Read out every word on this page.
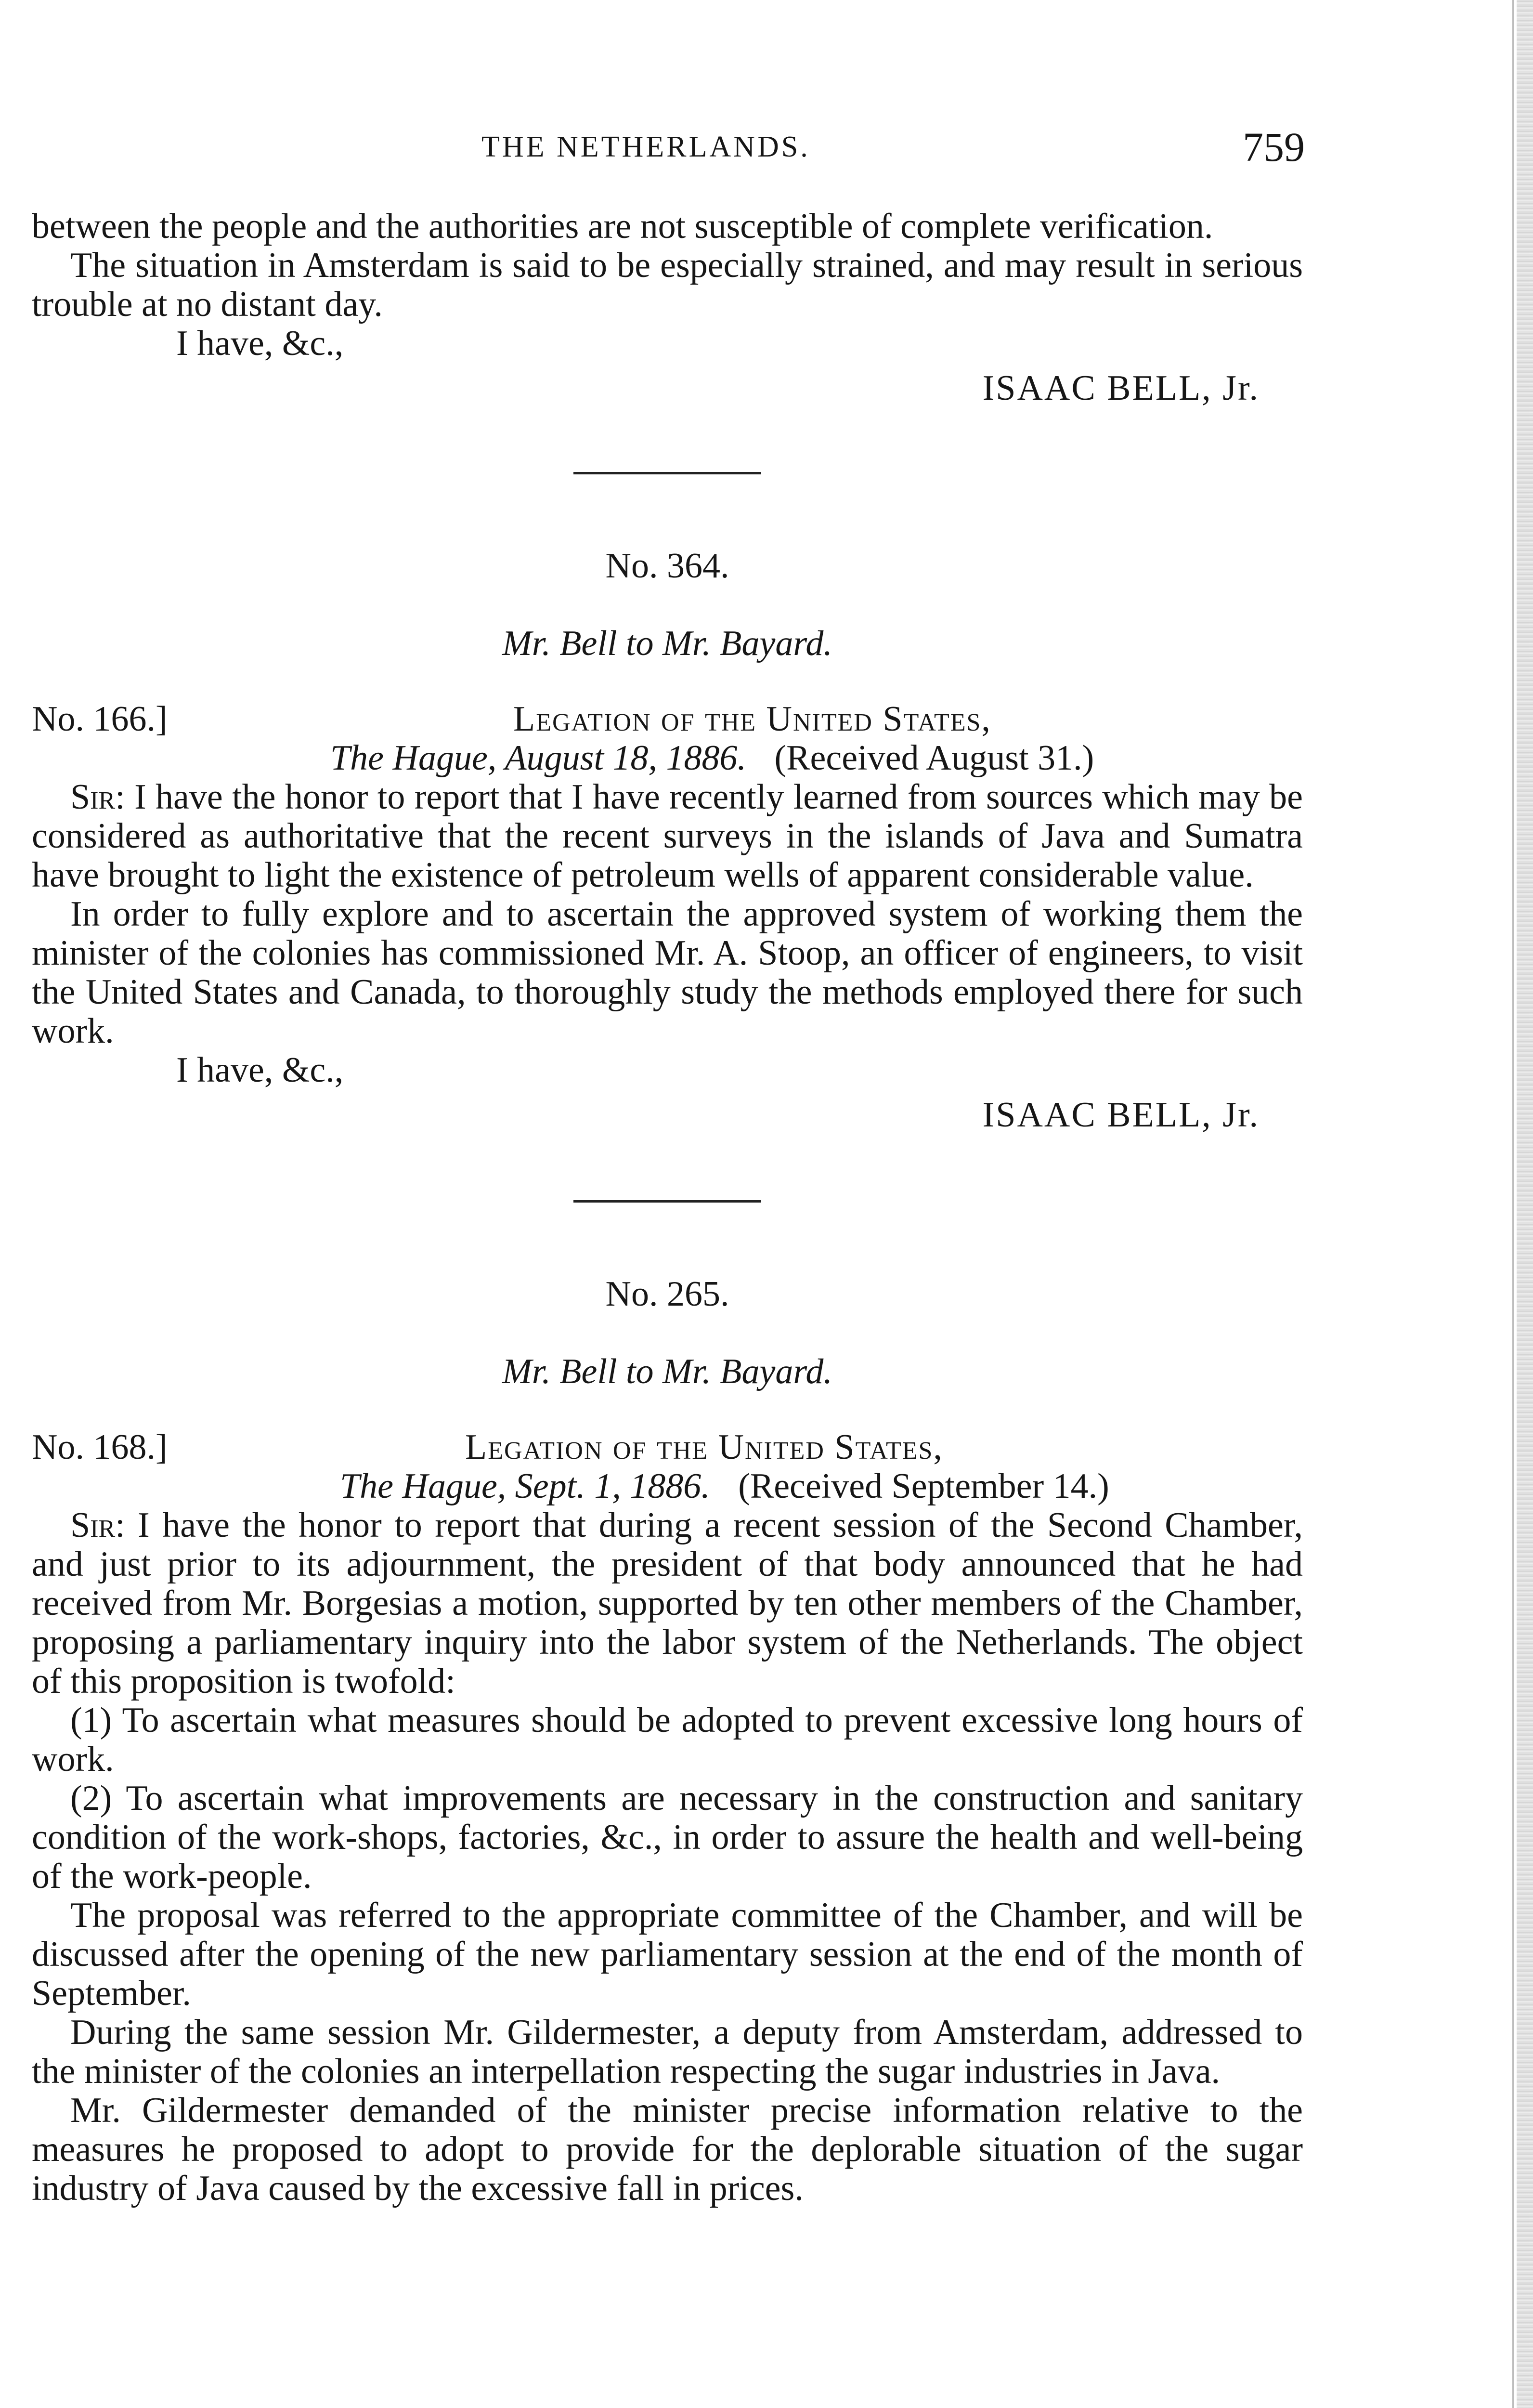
THE NETHERLANDS.	759

between the people and the authorities are not susceptible of complete verification.

The situation in Amsterdam is said to be especially strained, and may result in serious trouble at no distant day.

I have, &c.,

ISAAC BELL, Jr.

No. 364.

Mr. Bell to Mr. Bayard.

No. 166.]	Legation of the United States,

The Hague, August 18, 1886. (Received August 31.)

Sir: I have the honor to report that I have recently learned from sources which may be considered as authoritative that the recent surveys in the islands of Java and Sumatra have brought to light the existence of petroleum wells of apparent considerable value.

In order to fully explore and to ascertain the approved system of working them the minister of the colonies has commissioned Mr. A. Stoop, an officer of engineers, to visit the United States and Canada, to thoroughly study the methods employed there for such work.

I have, &c.,

ISAAC BELL, Jr.

No. 265.

Mr. Bell to Mr. Bayard.

No. 168.]	Legation of the United States,

The Hague, Sept. 1, 1886. (Received September 14.)

Sir: I have the honor to report that during a recent session of the Second Chamber, and just prior to its adjournment, the president of that body announced that he had received from Mr. Borgesias a motion, supported by ten other members of the Chamber, proposing a parliamentary inquiry into the labor system of the Netherlands. The object of this proposition is twofold:

(1) To ascertain what measures should be adopted to prevent excessive long hours of work.

(2) To ascertain what improvements are necessary in the construction and sanitary condition of the work-shops, factories, &c., in order to assure the health and well-being of the work-people.

The proposal was referred to the appropriate committee of the Chamber, and will be discussed after the opening of the new parliamentary session at the end of the month of September.

During the same session Mr. Gildermester, a deputy from Amsterdam, addressed to the minister of the colonies an interpellation respecting the sugar industries in Java.

Mr. Gildermester demanded of the minister precise information relative to the measures he proposed to adopt to provide for the deplorable situation of the sugar industry of Java caused by the excessive fall in prices.
